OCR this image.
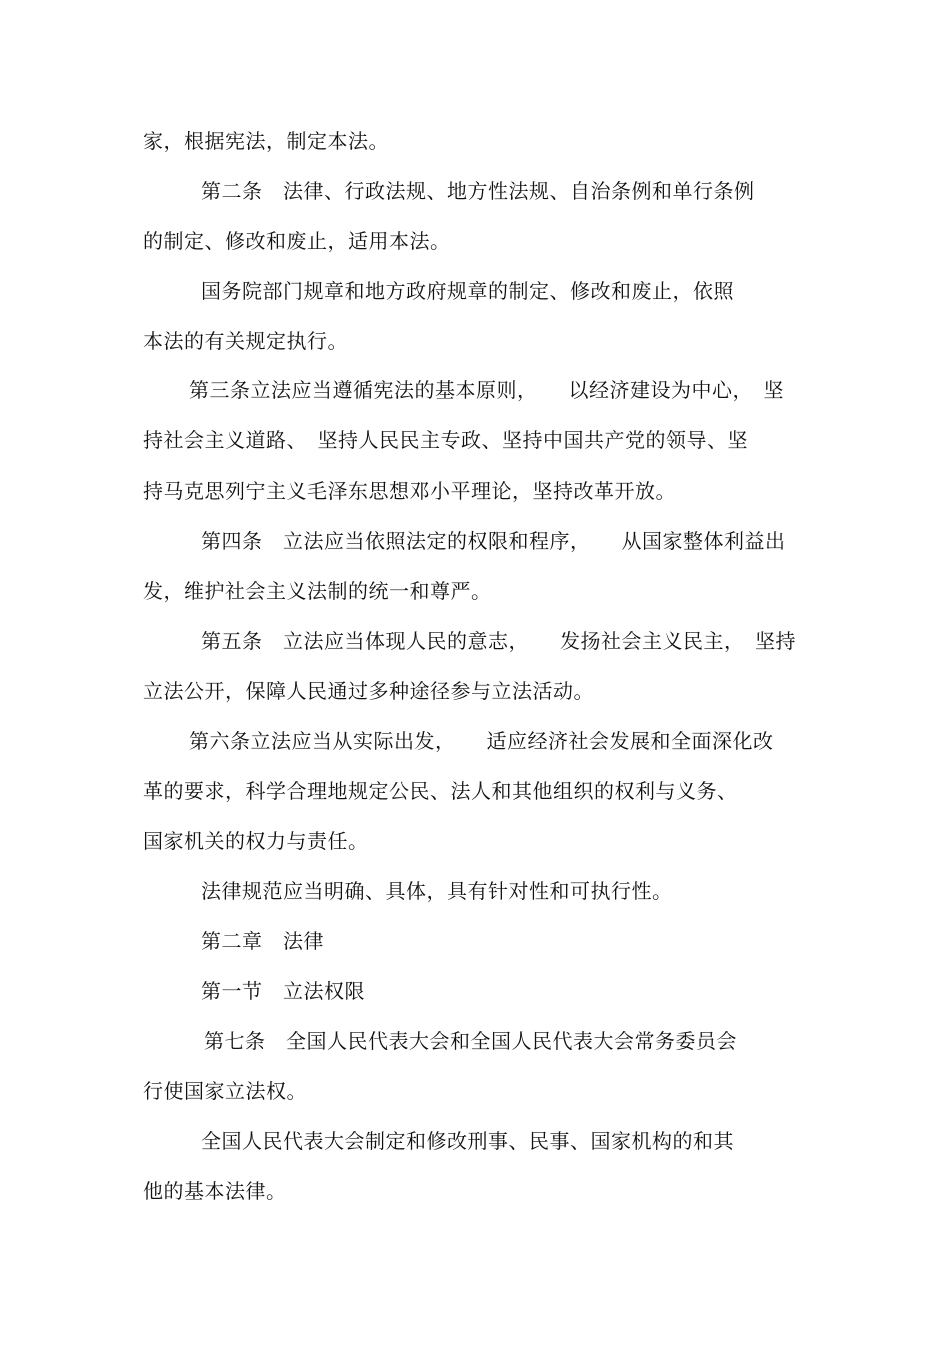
家，根据宪法，制定本法。
第二条　法律、行政法规、地方性法规、自治条例和单行条例
的制定、修改和废止，适用本法。
国务院部门规章和地方政府规章的制定、修改和废止，依照
本法的有关规定执行。
第三条立法应当遵循宪法的基本原则，　　以经济建设为中心，　坚
持社会主义道路、　坚持人民民主专政、坚持中国共产党的领导、坚
持马克思列宁主义毛泽东思想邓小平理论，坚持改革开放。
第四条　立法应当依照法定的权限和程序，　　从国家整体利益出
发，维护社会主义法制的统一和尊严。
第五条　立法应当体现人民的意志，　　发扬社会主义民主，　坚持
立法公开，保障人民通过多种途径参与立法活动。
第六条立法应当从实际出发，　　适应经济社会发展和全面深化改
革的要求，科学合理地规定公民、法人和其他组织的权利与义务、
国家机关的权力与责任。
法律规范应当明确、具体，具有针对性和可执行性。
第二章　法律
第一节　立法权限
第七条　全国人民代表大会和全国人民代表大会常务委员会
行使国家立法权。
全国人民代表大会制定和修改刑事、民事、国家机构的和其
他的基本法律。
